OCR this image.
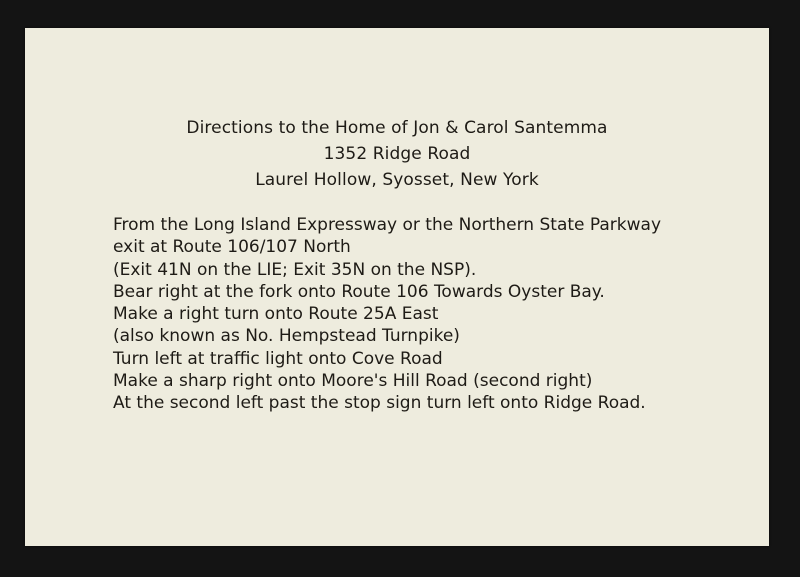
Directions to the Home of Jon & Carol Santemma
1352 Ridge Road
Laurel Hollow, Syosset, New York
From the Long Island Expressway or the Northern State Parkway
exit at Route 106/107 North
(Exit 41N on the LIE; Exit 35N on the NSP).
Bear right at the fork onto Route 106 Towards Oyster Bay.
Make a right turn onto Route 25A East
(also known as No. Hempstead Turnpike)
Turn left at traffic light onto Cove Road
Make a sharp right onto Moore's Hill Road (second right)
At the second left past the stop sign turn left onto Ridge Road.
